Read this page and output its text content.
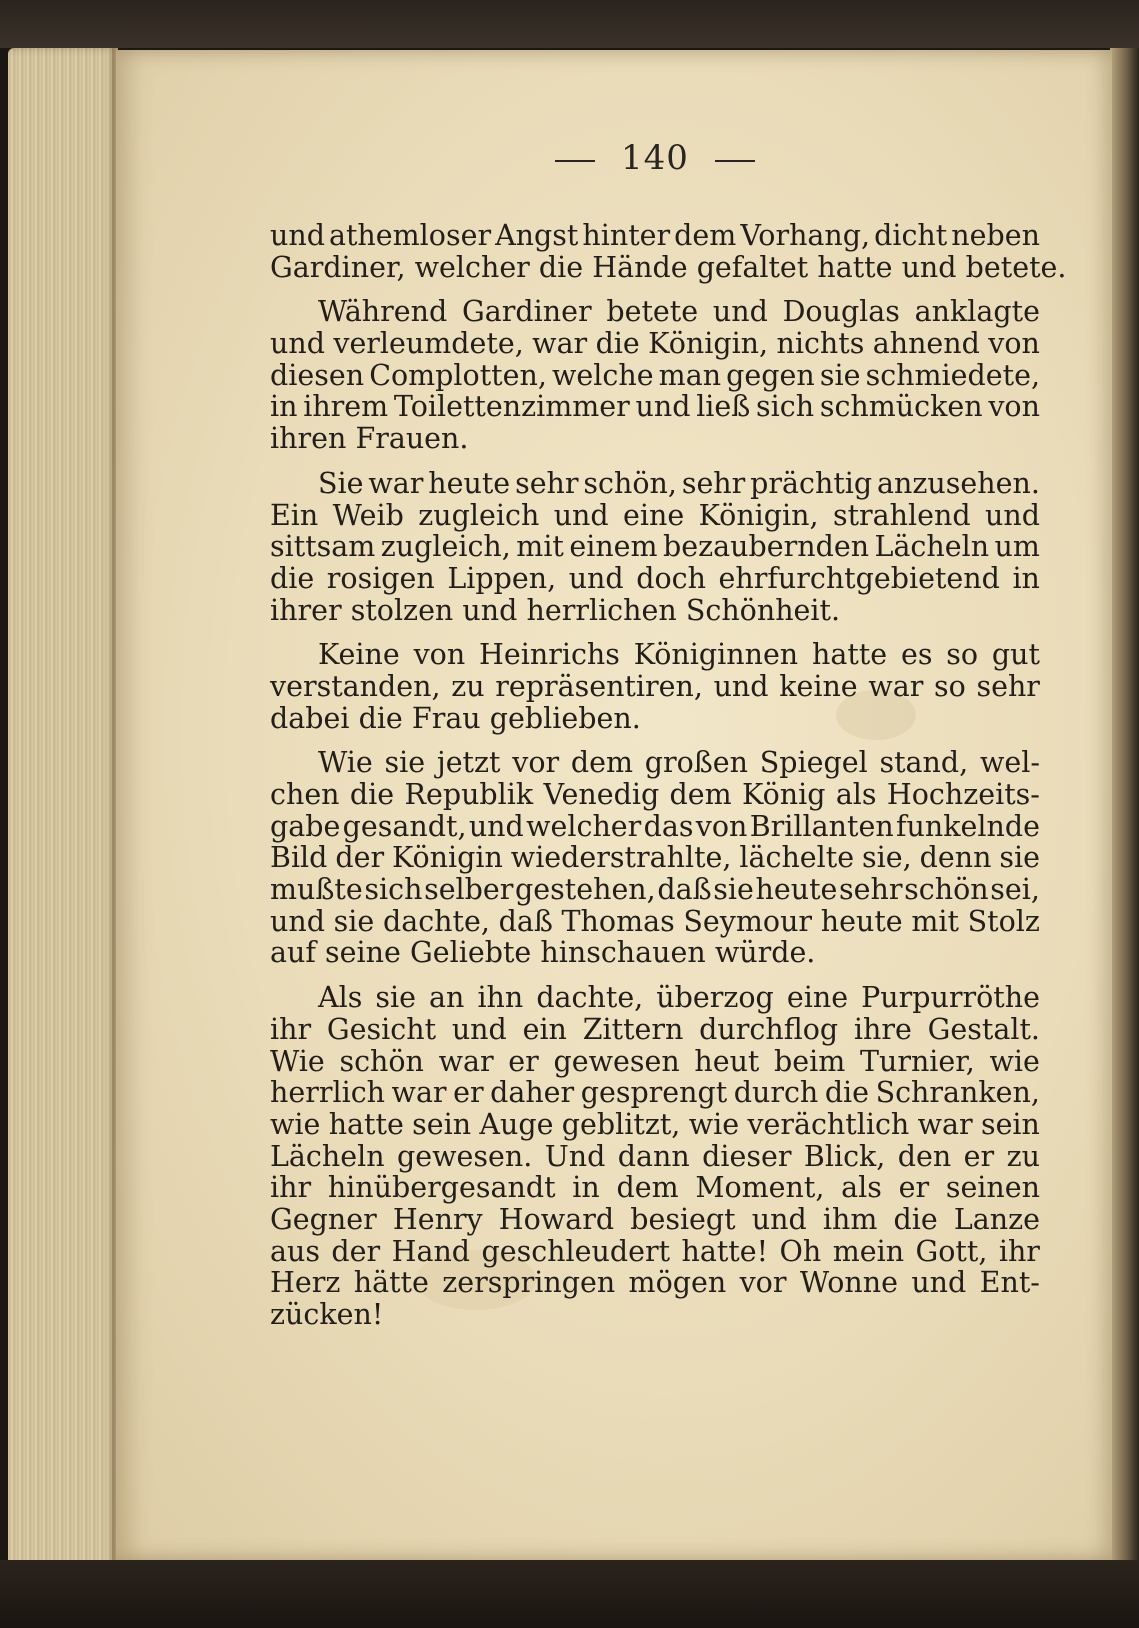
140
und athemloser Angst hinter dem Vorhang, dicht neben
Gardiner, welcher die Hände gefaltet hatte und betete.
Während Gardiner betete und Douglas anklagte
und verleumdete, war die Königin, nichts ahnend von
diesen Complotten, welche man gegen sie schmiedete,
in ihrem Toilettenzimmer und ließ sich schmücken von
ihren Frauen.
Sie war heute sehr schön, sehr prächtig anzusehen.
Ein Weib zugleich und eine Königin, strahlend und
sittsam zugleich, mit einem bezaubernden Lächeln um
die rosigen Lippen, und doch ehrfurchtgebietend in
ihrer stolzen und herrlichen Schönheit.
Keine von Heinrichs Königinnen hatte es so gut
verstanden, zu repräsentiren, und keine war so sehr
dabei die Frau geblieben.
Wie sie jetzt vor dem großen Spiegel stand, wel-
chen die Republik Venedig dem König als Hochzeits-
gabe gesandt, und welcher das von Brillanten funkelnde
Bild der Königin wiederstrahlte, lächelte sie, denn sie
mußte sich selber gestehen, daß sie heute sehr schön sei,
und sie dachte, daß Thomas Seymour heute mit Stolz
auf seine Geliebte hinschauen würde.
Als sie an ihn dachte, überzog eine Purpurröthe
ihr Gesicht und ein Zittern durchflog ihre Gestalt.
Wie schön war er gewesen heut beim Turnier, wie
herrlich war er daher gesprengt durch die Schranken,
wie hatte sein Auge geblitzt, wie verächtlich war sein
Lächeln gewesen. Und dann dieser Blick, den er zu
ihr hinübergesandt in dem Moment, als er seinen
Gegner Henry Howard besiegt und ihm die Lanze
aus der Hand geschleudert hatte! Oh mein Gott, ihr
Herz hätte zerspringen mögen vor Wonne und Ent-
zücken!
